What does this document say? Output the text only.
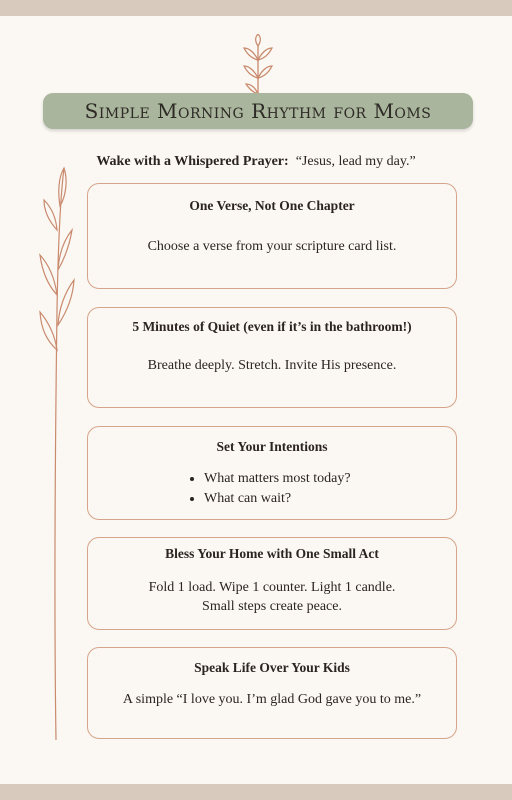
Simple Morning Rhythm for Moms
Wake with a Whispered Prayer: “Jesus, lead my day.”
One Verse, Not One Chapter

Choose a verse from your scripture card list.

5 Minutes of Quiet (even if it’s in the bathroom!)

Breathe deeply. Stretch. Invite His presence.

Set Your Intentions
• What matters most today?
• What can wait?
Bless Your Home with One Small Act

Fold 1 load. Wipe 1 counter. Light 1 candle.

Small steps create peace.

Speak Life Over Your Kids

A simple “I love you. I’m glad God gave you to me.”
